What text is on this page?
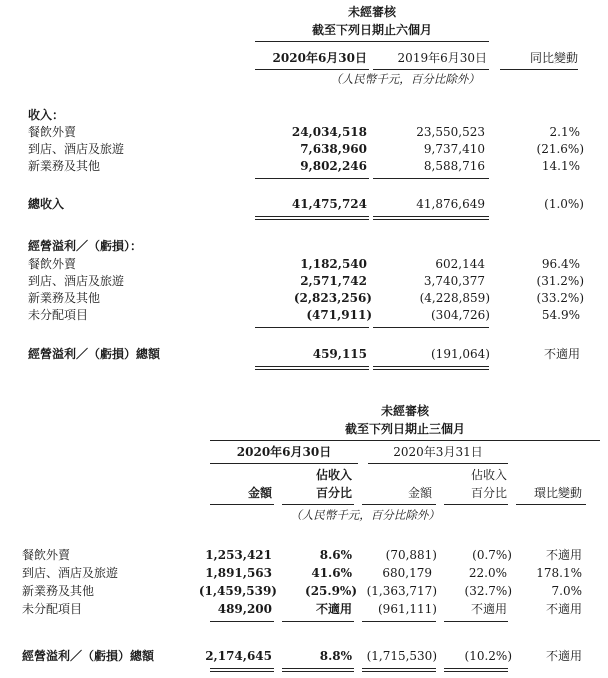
未經審核
截至下列日期止六個月
2020年6月30日	2019年6月30日	同比變動
（人民幣千元，百分比除外）
收入：
餐飲外賣	24,034,518	23,550,523	2.1%
到店、酒店及旅遊	7,638,960	9,737,410	(21.6%)
新業務及其他	9,802,246	8,588,716	14.1%
總收入	41,475,724	41,876,649	(1.0%)
經營溢利／（虧損）：
餐飲外賣	1,182,540	602,144	96.4%
到店、酒店及旅遊	2,571,742	3,740,377	(31.2%)
新業務及其他	(2,823,256)	(4,228,859)	(33.2%)
未分配項目	(471,911)	(304,726)	54.9%
經營溢利／（虧損）總額	459,115	(191,064)	不適用
未經審核
截至下列日期止三個月
2020年6月30日	2020年3月31日
佔收入	佔收入
金額	百分比	金額	百分比	環比變動
（人民幣千元，百分比除外）
餐飲外賣	1,253,421	8.6%	(70,881)	(0.7%)	不適用
到店、酒店及旅遊	1,891,563	41.6%	680,179	22.0%	178.1%
新業務及其他	(1,459,539)	(25.9%) (1,363,717)	(32.7%)	7.0%
未分配項目	489,200	不適用	(961,111)	不適用	不適用
經營溢利／（虧損）總額	2,174,645	8.8%	(1,715,530)	(10.2%)	不適用
